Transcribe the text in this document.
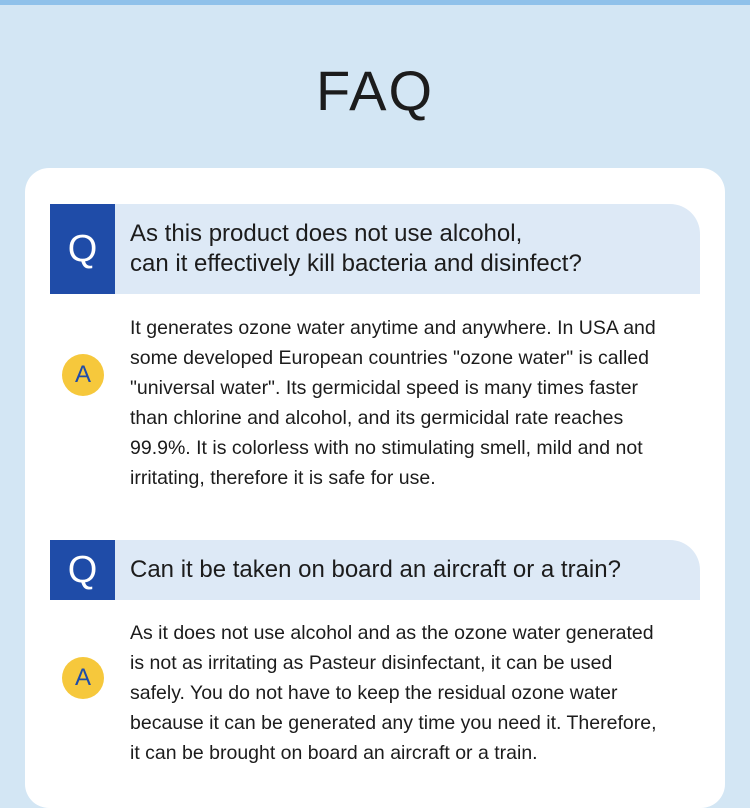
FAQ
Q	As this product does not use alcohol,
can it effectively kill bacteria and disinfect?
A
It generates ozone water anytime and anywhere. In USA and
some developed European countries "ozone water" is called
"universal water". Its germicidal speed is many times faster
than chlorine and alcohol, and its germicidal rate reaches
99.9%. It is colorless with no stimulating smell, mild and not
irritating, therefore it is safe for use.
Q	Can it be taken on board an aircraft or a train?
A
As it does not use alcohol and as the ozone water generated
is not as irritating as Pasteur disinfectant, it can be used
safely. You do not have to keep the residual ozone water
because it can be generated any time you need it. Therefore,
it can be brought on board an aircraft or a train.
